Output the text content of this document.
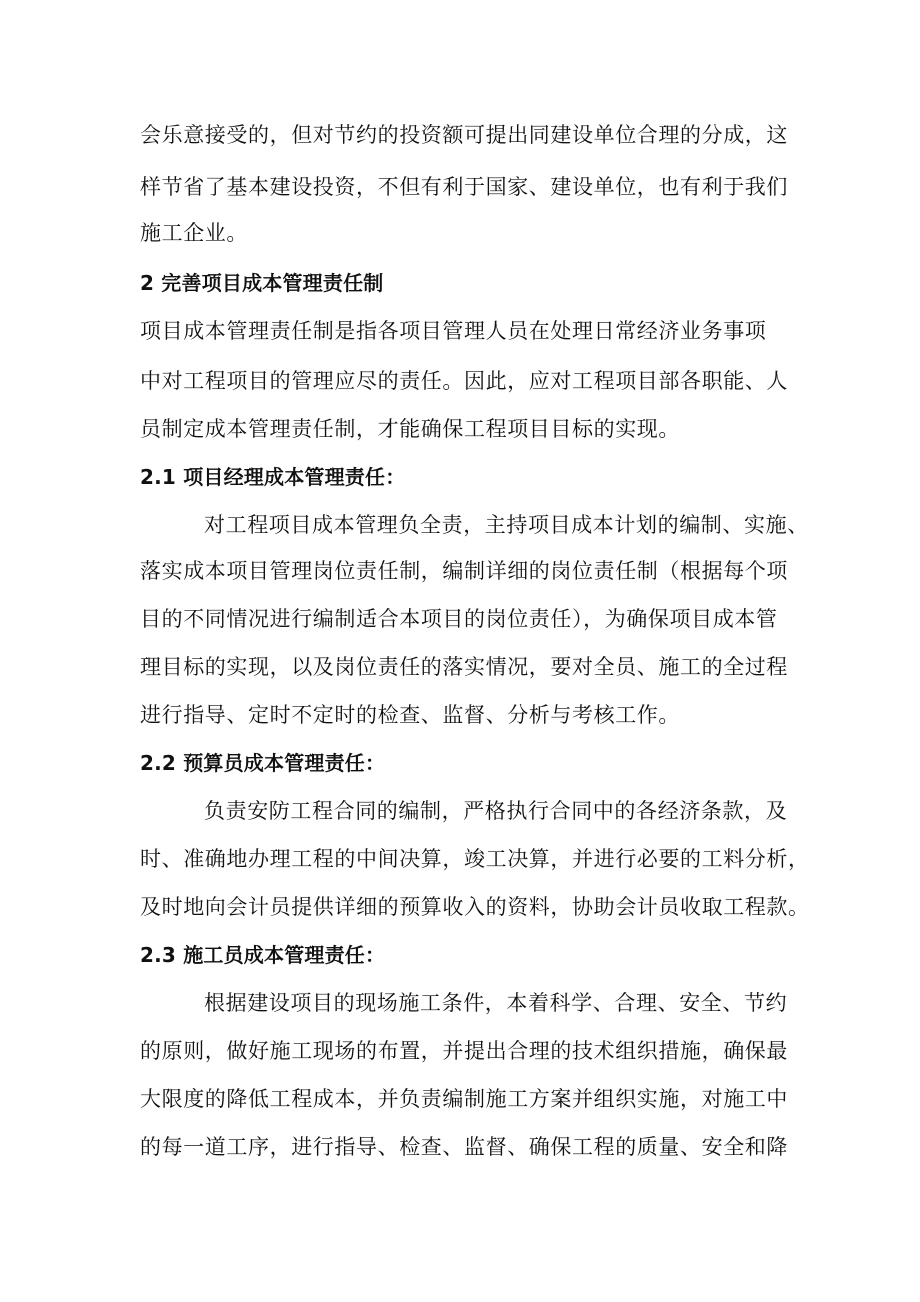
会乐意接受的，但对节约的投资额可提出同建设单位合理的分成，这
样节省了基本建设投资，不但有利于国家、建设单位，也有利于我们
施工企业。
2 完善项目成本管理责任制
项目成本管理责任制是指各项目管理人员在处理日常经济业务事项
中对工程项目的管理应尽的责任。因此，应对工程项目部各职能、人
员制定成本管理责任制，才能确保工程项目目标的实现。
2.1 项目经理成本管理责任：
对工程项目成本管理负全责，主持项目成本计划的编制、实施、
落实成本项目管理岗位责任制，编制详细的岗位责任制（根据每个项
目的不同情况进行编制适合本项目的岗位责任），为确保项目成本管
理目标的实现，以及岗位责任的落实情况，要对全员、施工的全过程
进行指导、定时不定时的检查、监督、分析与考核工作。
2.2 预算员成本管理责任：
负责安防工程合同的编制，严格执行合同中的各经济条款，及
时、准确地办理工程的中间决算，竣工决算，并进行必要的工料分析，
及时地向会计员提供详细的预算收入的资料，协助会计员收取工程款。
2.3 施工员成本管理责任：
根据建设项目的现场施工条件，本着科学、合理、安全、节约
的原则，做好施工现场的布置，并提出合理的技术组织措施，确保最
大限度的降低工程成本，并负责编制施工方案并组织实施，对施工中
的每一道工序，进行指导、检查、监督、确保工程的质量、安全和降
